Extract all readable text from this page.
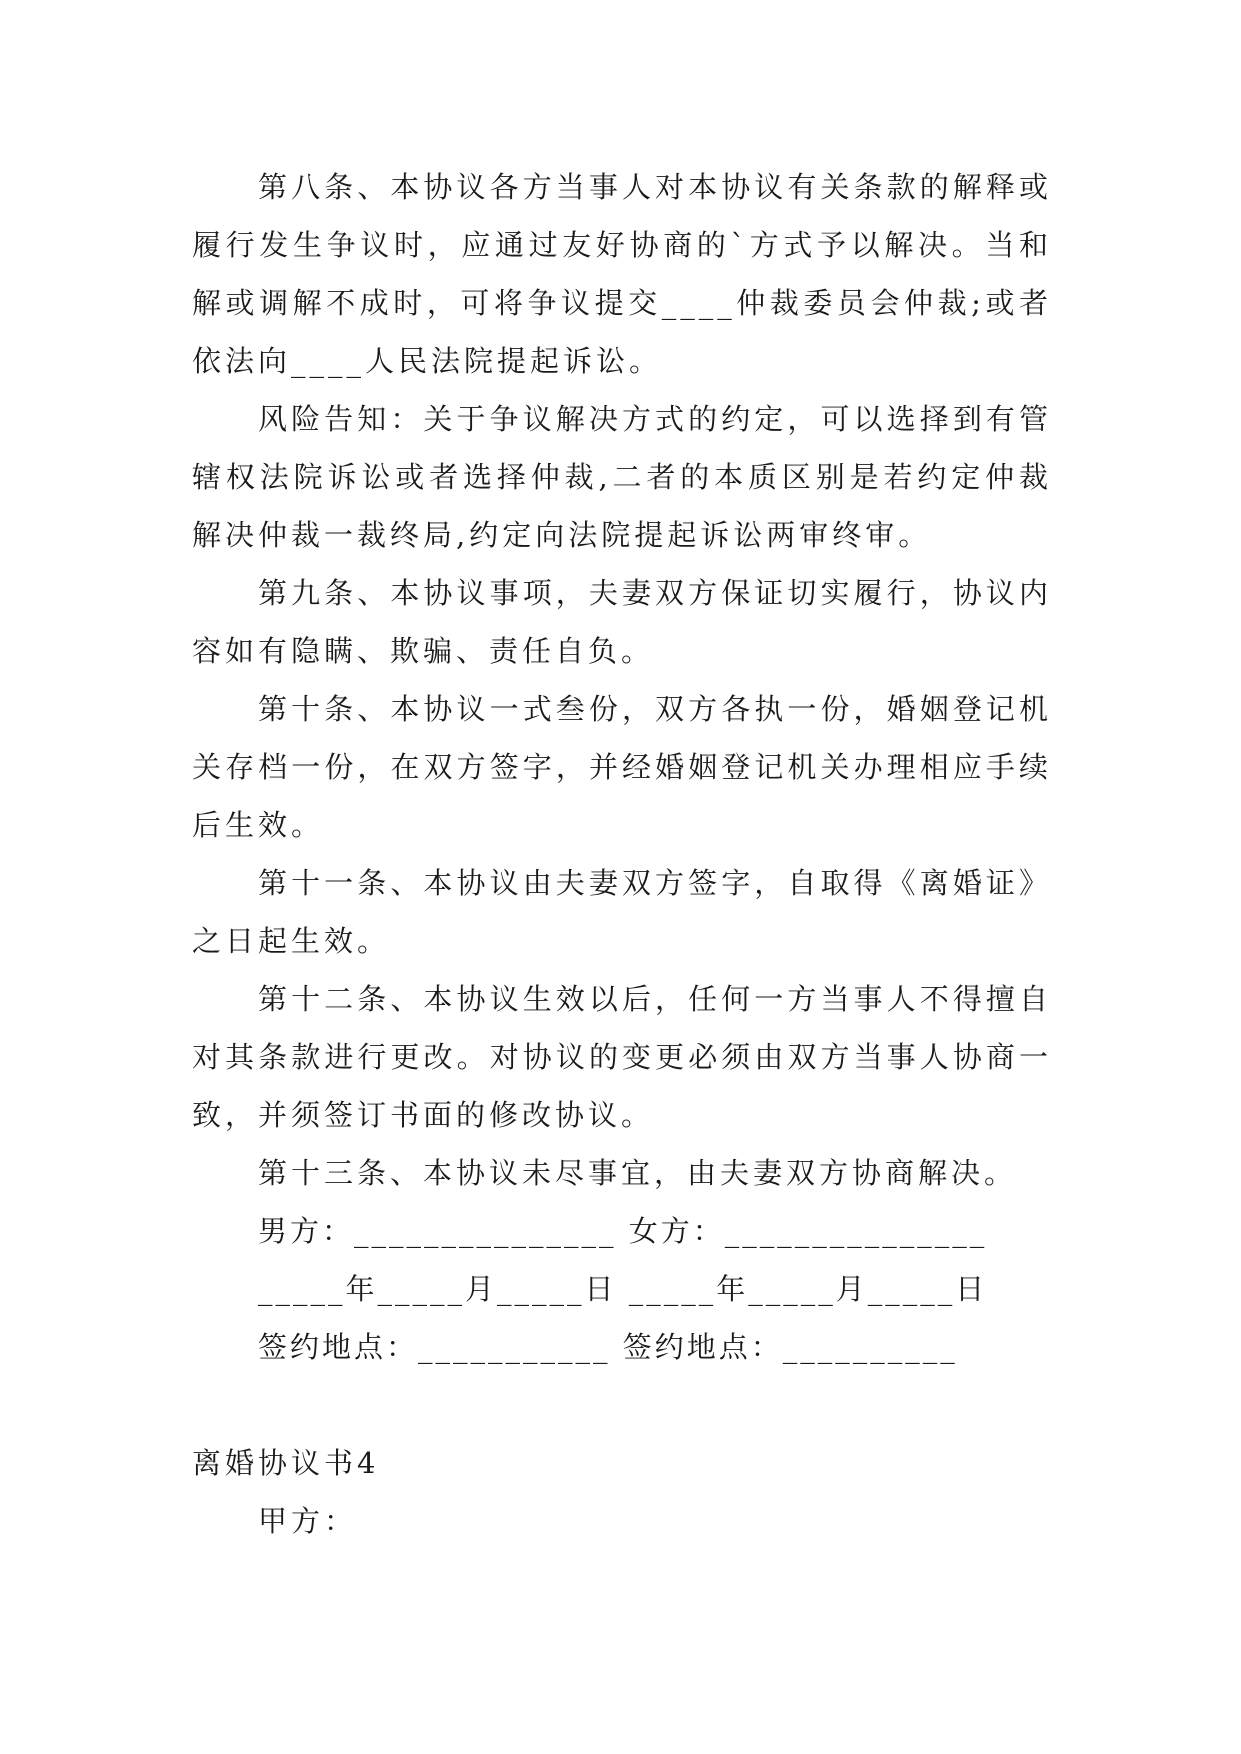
第八条、本协议各方当事人对本协议有关条款的解释或履行发生争议时，应通过友好协商的`方式予以解决。当和解或调解不成时，可将争议提交____仲裁委员会仲裁;或者依法向____人民法院提起诉讼。

风险告知：关于争议解决方式的约定，可以选择到有管辖权法院诉讼或者选择仲裁,二者的本质区别是若约定仲裁解决仲裁一裁终局,约定向法院提起诉讼两审终审。

第九条、本协议事项，夫妻双方保证切实履行，协议内容如有隐瞒、欺骗、责任自负。

第十条、本协议一式叁份，双方各执一份，婚姻登记机关存档一份，在双方签字，并经婚姻登记机关办理相应手续后生效。

第十一条、本协议由夫妻双方签字，自取得《离婚证》之日起生效。

第十二条、本协议生效以后，任何一方当事人不得擅自对其条款进行更改。对协议的变更必须由双方当事人协商一致，并须签订书面的修改协议。

第十三条、本协议未尽事宜，由夫妻双方协商解决。

男方：_______________ 女方：_______________

_____年_____月_____日 _____年_____月_____日

签约地点：___________ 签约地点：__________

离婚协议书4

甲方：
